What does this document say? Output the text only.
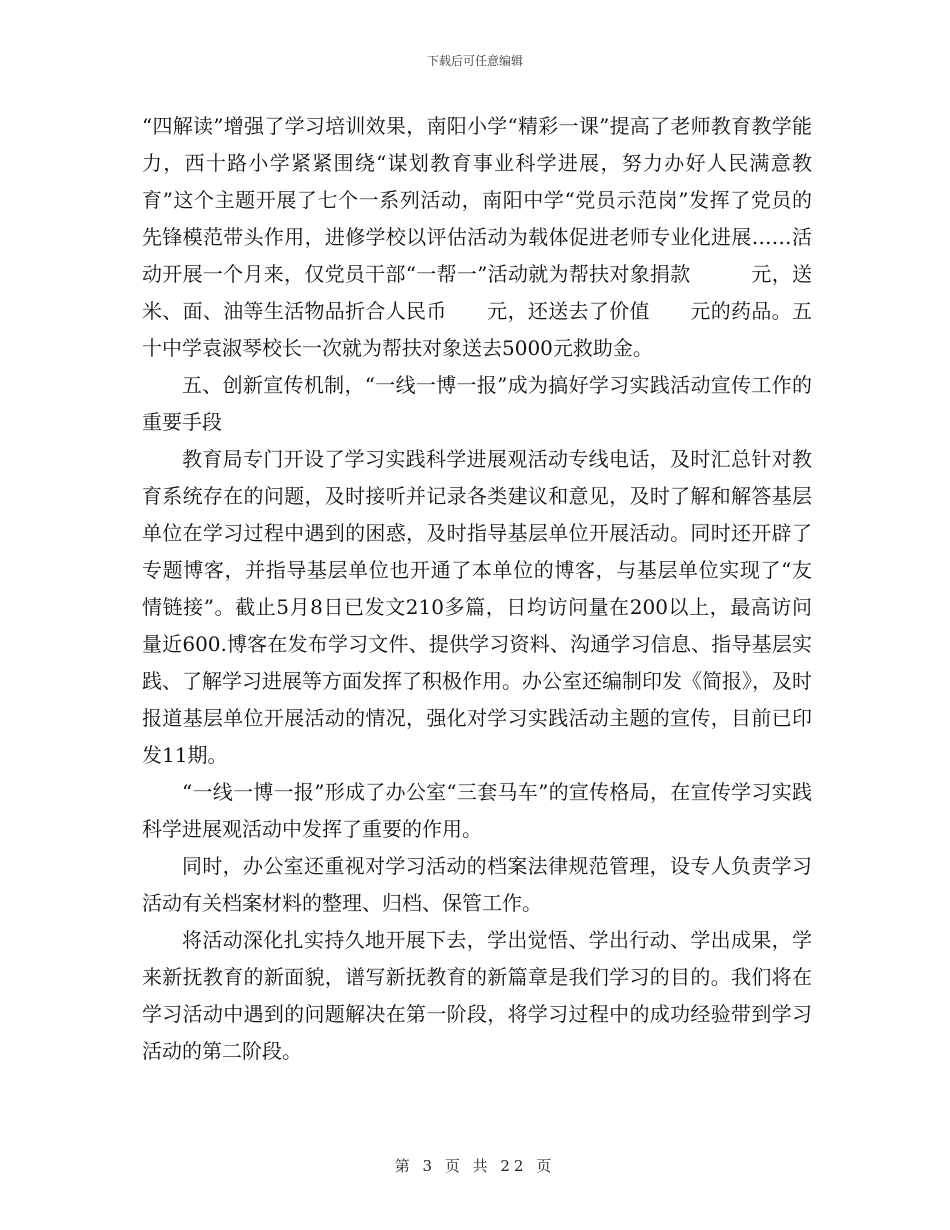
下载后可任意编辑

“四解读”增强了学习培训效果，南阳小学“精彩一课”提高了老师教育教学能力，西十路小学紧紧围绕“谋划教育事业科学进展，努力办好人民满意教育”这个主题开展了七个一系列活动，南阳中学“党员示范岗”发挥了党员的先锋模范带头作用，进修学校以评估活动为载体促进老师专业化进展……活动开展一个月来，仅党员干部“一帮一”活动就为帮扶对象捐款　　　元，送米、面、油等生活物品折合人民币　　元，还送去了价值　　元的药品。五十中学袁淑琴校长一次就为帮扶对象送去5000元救助金。

五、创新宣传机制，“一线一博一报”成为搞好学习实践活动宣传工作的重要手段

教育局专门开设了学习实践科学进展观活动专线电话，及时汇总针对教育系统存在的问题，及时接听并记录各类建议和意见，及时了解和解答基层单位在学习过程中遇到的困惑，及时指导基层单位开展活动。同时还开辟了专题博客，并指导基层单位也开通了本单位的博客，与基层单位实现了“友情链接”。截止5月8日已发文210多篇，日均访问量在200以上，最高访问量近600.博客在发布学习文件、提供学习资料、沟通学习信息、指导基层实践、了解学习进展等方面发挥了积极作用。办公室还编制印发《简报》，及时报道基层单位开展活动的情况，强化对学习实践活动主题的宣传，目前已印发11期。

“一线一博一报”形成了办公室“三套马车”的宣传格局，在宣传学习实践科学进展观活动中发挥了重要的作用。

同时，办公室还重视对学习活动的档案法律规范管理，设专人负责学习活动有关档案材料的整理、归档、保管工作。

将活动深化扎实持久地开展下去，学出觉悟、学出行动、学出成果，学来新抚教育的新面貌，谱写新抚教育的新篇章是我们学习的目的。我们将在学习活动中遇到的问题解决在第一阶段，将学习过程中的成功经验带到学习活动的第二阶段。

第 3 页 共 22 页
